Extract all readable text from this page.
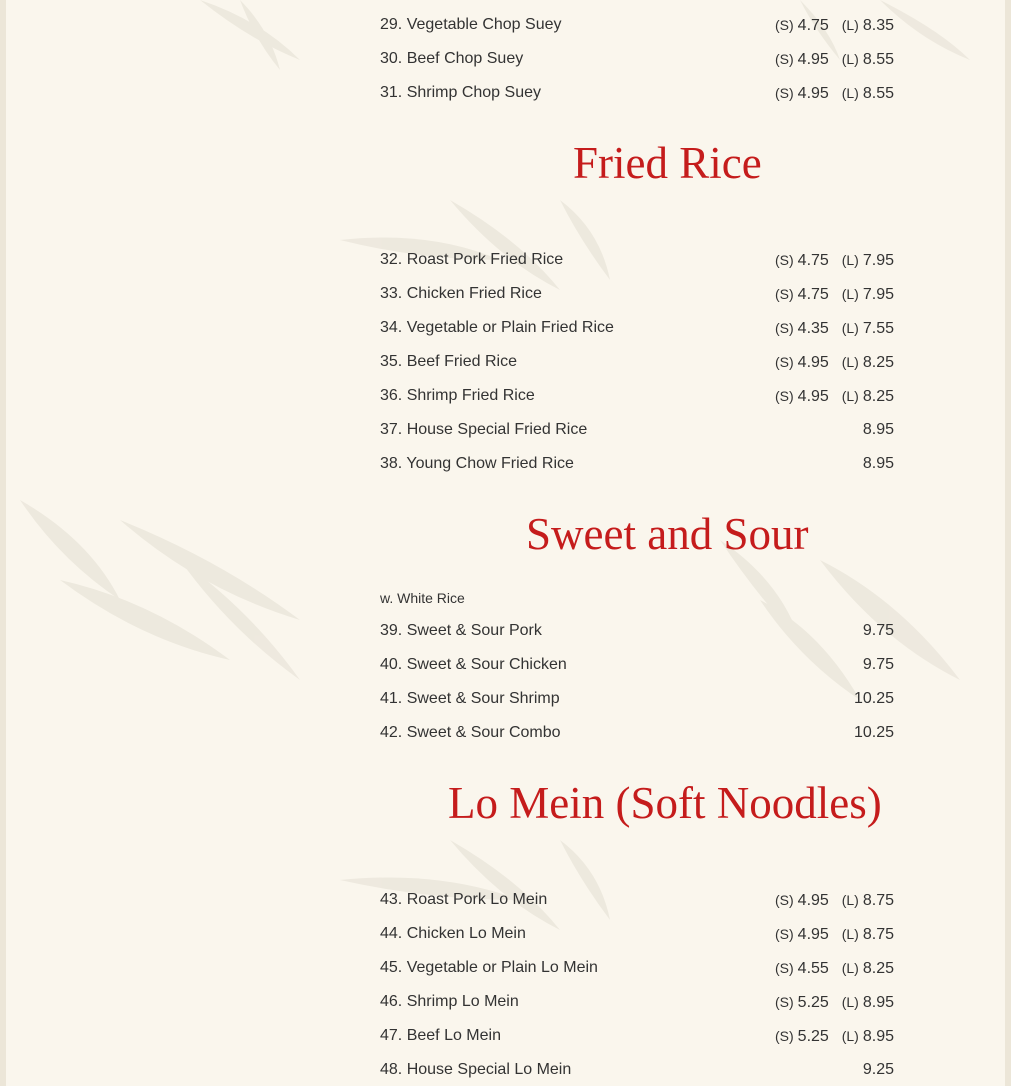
29. Vegetable Chop Suey	(S) 4.75 (L) 8.35
30. Beef Chop Suey	(S) 4.95 (L) 8.55
31. Shrimp Chop Suey	(S) 4.95 (L) 8.55
Fried Rice
32. Roast Pork Fried Rice	(S) 4.75 (L) 7.95
33. Chicken Fried Rice	(S) 4.75 (L) 7.95
34. Vegetable or Plain Fried Rice	(S) 4.35 (L) 7.55
35. Beef Fried Rice	(S) 4.95 (L) 8.25
36. Shrimp Fried Rice	(S) 4.95 (L) 8.25
37. House Special Fried Rice	8.95
38. Young Chow Fried Rice	8.95
Sweet and Sour
w. White Rice
39. Sweet & Sour Pork	9.75
40. Sweet & Sour Chicken	9.75
41. Sweet & Sour Shrimp	10.25
42. Sweet & Sour Combo	10.25
Lo Mein (Soft Noodles)
43. Roast Pork Lo Mein	(S) 4.95 (L) 8.75
44. Chicken Lo Mein	(S) 4.95 (L) 8.75
45. Vegetable or Plain Lo Mein	(S) 4.55 (L) 8.25
46. Shrimp Lo Mein	(S) 5.25 (L) 8.95
47. Beef Lo Mein	(S) 5.25 (L) 8.95
48. House Special Lo Mein	9.25
